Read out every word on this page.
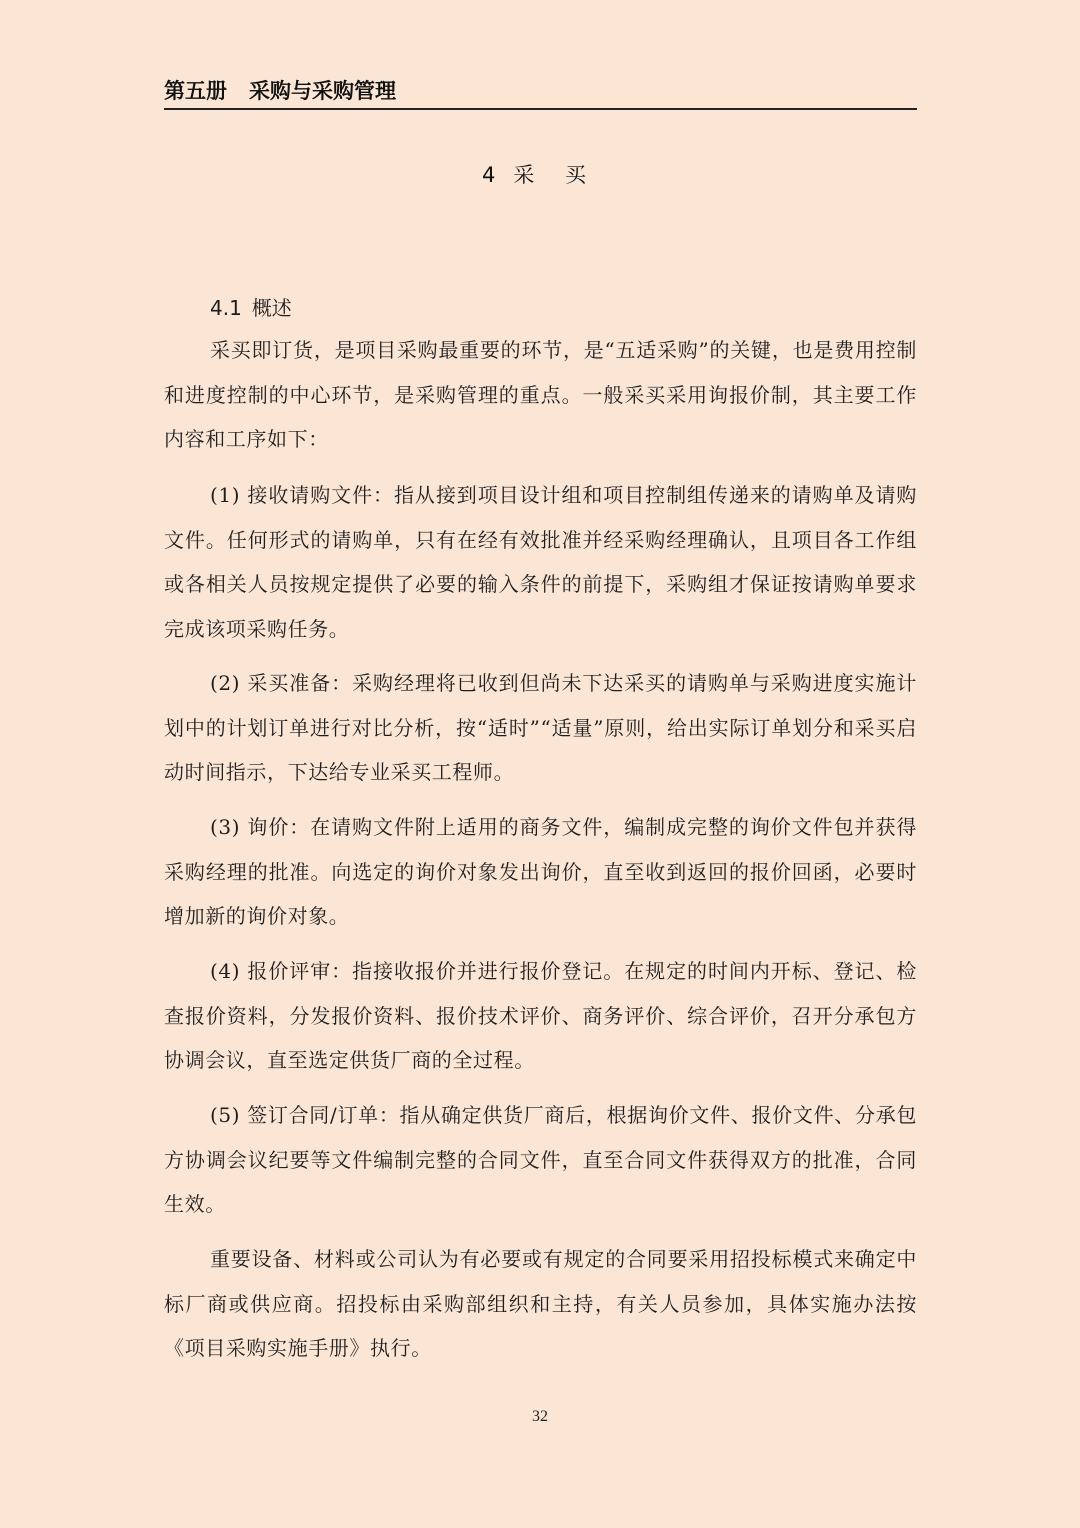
第五册 采购与采购管理
4 采 买
4.1 概述

采买即订货，是项目采购最重要的环节，是“五适采购”的关键，也是费用控制和进度控制的中心环节，是采购管理的重点。一般采买采用询报价制，其主要工作内容和工序如下：

(1) 接收请购文件：指从接到项目设计组和项目控制组传递来的请购单及请购文件。任何形式的请购单，只有在经有效批准并经采购经理确认，且项目各工作组或各相关人员按规定提供了必要的输入条件的前提下，采购组才保证按请购单要求完成该项采购任务。

(2) 采买准备：采购经理将已收到但尚未下达采买的请购单与采购进度实施计划中的计划订单进行对比分析，按“适时”“适量”原则，给出实际订单划分和采买启动时间指示，下达给专业采买工程师。

(3) 询价：在请购文件附上适用的商务文件，编制成完整的询价文件包并获得采购经理的批准。向选定的询价对象发出询价，直至收到返回的报价回函，必要时增加新的询价对象。

(4) 报价评审：指接收报价并进行报价登记。在规定的时间内开标、登记、检查报价资料，分发报价资料、报价技术评价、商务评价、综合评价，召开分承包方协调会议，直至选定供货厂商的全过程。

(5) 签订合同/订单：指从确定供货厂商后，根据询价文件、报价文件、分承包方协调会议纪要等文件编制完整的合同文件，直至合同文件获得双方的批准，合同生效。

重要设备、材料或公司认为有必要或有规定的合同要采用招投标模式来确定中标厂商或供应商。招投标由采购部组织和主持，有关人员参加，具体实施办法按《项目采购实施手册》执行。

32
